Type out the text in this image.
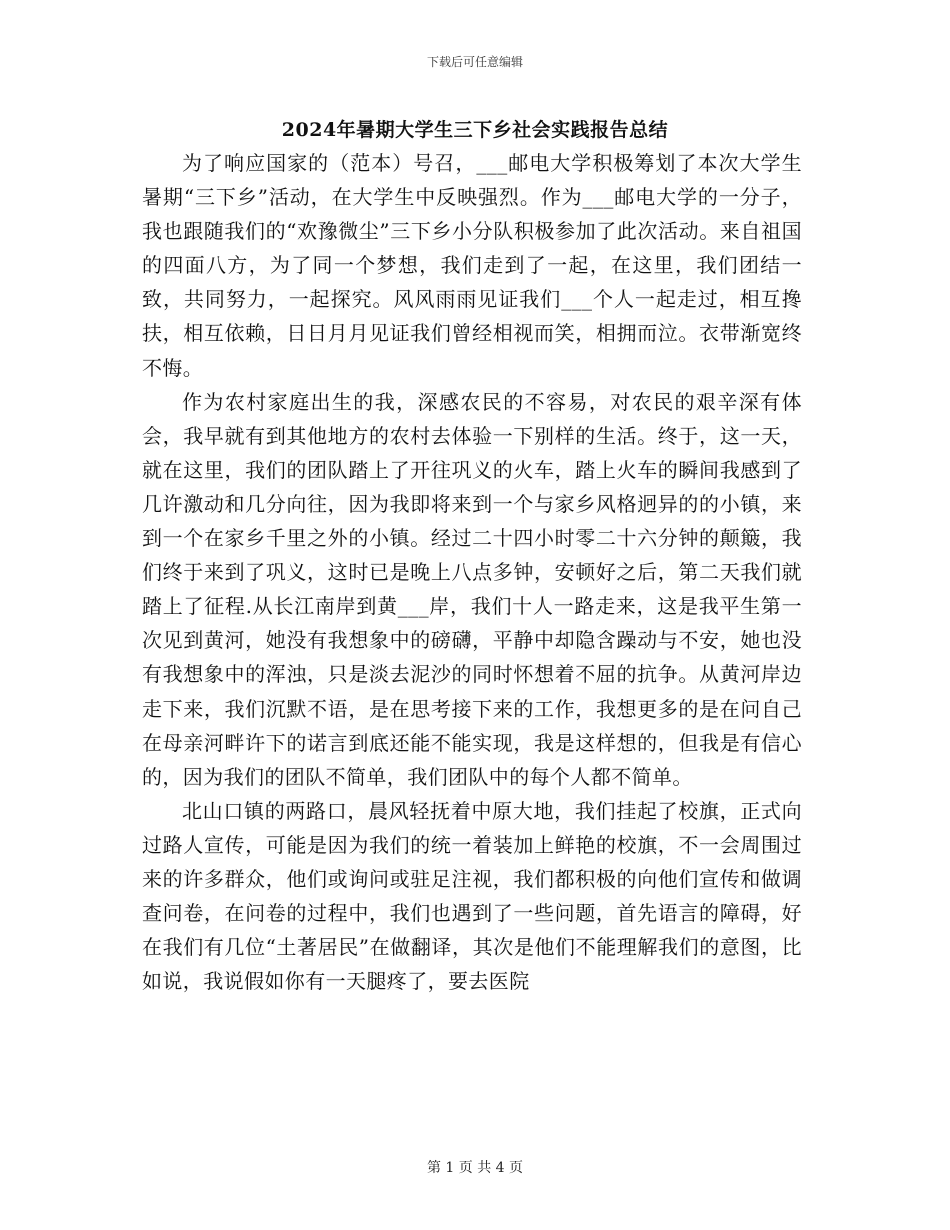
下载后可任意编辑
2024年暑期大学生三下乡社会实践报告总结

为了响应国家的（范本）号召，___邮电大学积极筹划了本次大学生暑期“三下乡”活动，在大学生中反映强烈。作为___邮电大学的一分子，我也跟随我们的“欢豫微尘”三下乡小分队积极参加了此次活动。来自祖国的四面八方，为了同一个梦想，我们走到了一起，在这里，我们团结一致，共同努力，一起探究。风风雨雨见证我们___个人一起走过，相互搀扶，相互依赖，日日月月见证我们曾经相视而笑，相拥而泣。衣带渐宽终不悔。

作为农村家庭出生的我，深感农民的不容易，对农民的艰辛深有体会，我早就有到其他地方的农村去体验一下别样的生活。终于，这一天，就在这里，我们的团队踏上了开往巩义的火车，踏上火车的瞬间我感到了几许激动和几分向往，因为我即将来到一个与家乡风格迥异的的小镇，来到一个在家乡千里之外的小镇。经过二十四小时零二十六分钟的颠簸，我们终于来到了巩义，这时已是晚上八点多钟，安顿好之后，第二天我们就踏上了征程.从长江南岸到黄___岸，我们十人一路走来，这是我平生第一次见到黄河，她没有我想象中的磅礴，平静中却隐含躁动与不安，她也没有我想象中的浑浊，只是淡去泥沙的同时怀想着不屈的抗争。从黄河岸边走下来，我们沉默不语，是在思考接下来的工作，我想更多的是在问自己在母亲河畔许下的诺言到底还能不能实现，我是这样想的，但我是有信心的，因为我们的团队不简单，我们团队中的每个人都不简单。

北山口镇的两路口，晨风轻抚着中原大地，我们挂起了校旗，正式向过路人宣传，可能是因为我们的统一着装加上鲜艳的校旗，不一会周围过来的许多群众，他们或询问或驻足注视，我们都积极的向他们宣传和做调查问卷，在问卷的过程中，我们也遇到了一些问题，首先语言的障碍，好在我们有几位“土著居民”在做翻译，其次是他们不能理解我们的意图，比如说，我说假如你有一天腿疼了，要去医院

第 1 页 共 4 页
